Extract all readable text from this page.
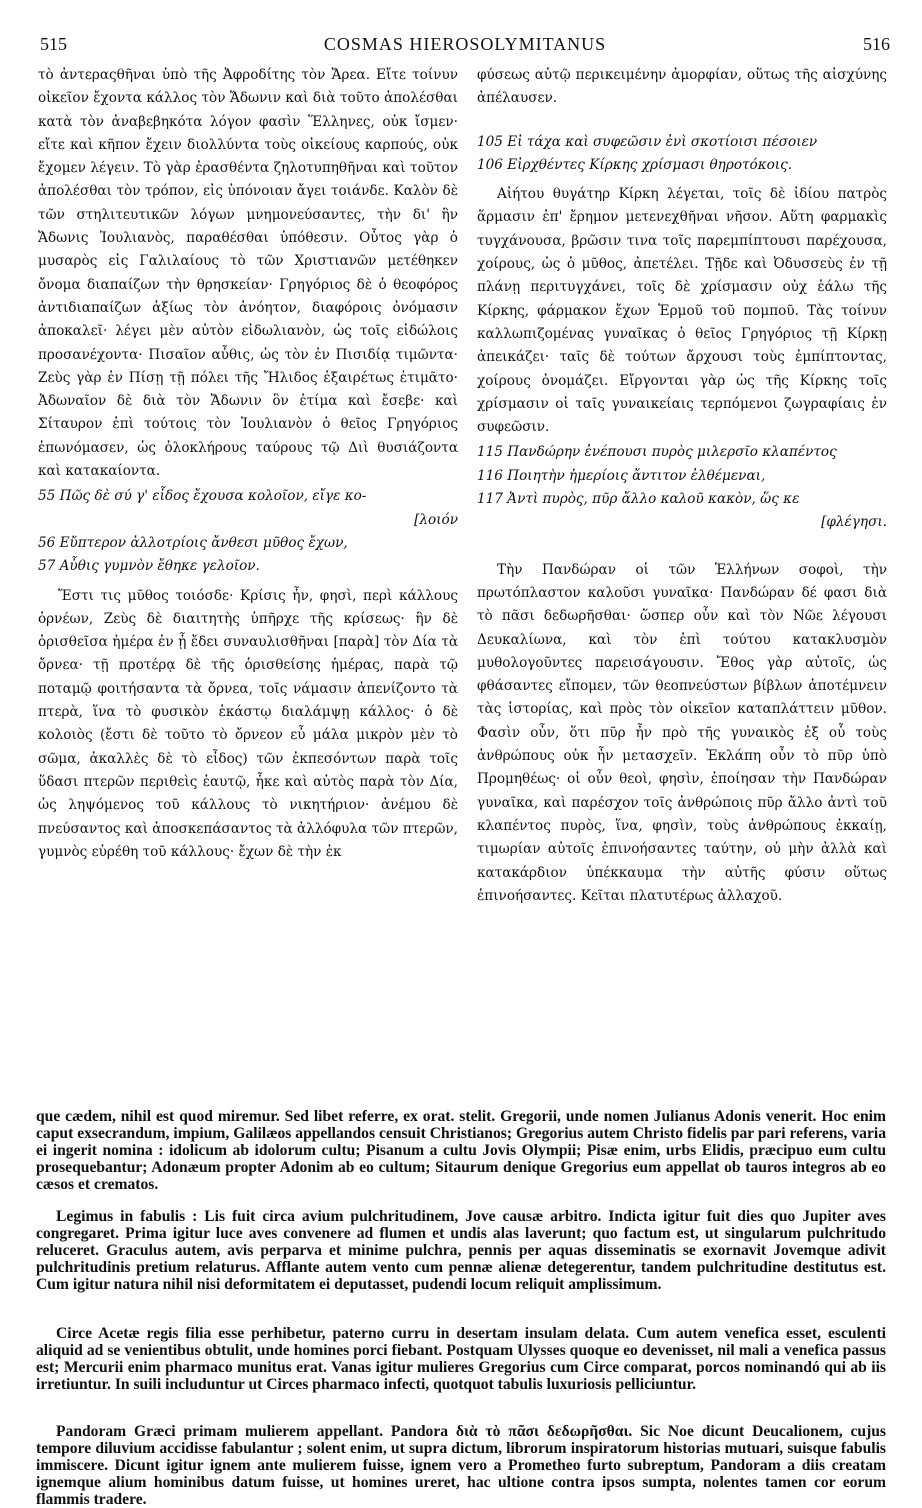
515	COSMAS HIEROSOLYMITANUS	516

τὸ ἀντεραςθῆναι ὑπὸ τῆς Ἀφροδίτης τὸν Ἄρεα. Εἴτε τοίνυν οἰκεῖον ἔχοντα κάλλος τὸν Ἄδωνιν καὶ διὰ τοῦτο ἀπολέσθαι κατὰ τὸν ἀναβεβηκότα λόγον φασὶν Ἕλληνες, οὐκ ἴσμεν· εἴτε καὶ κῆπον ἔχειν διολλύντα τοὺς οἰκείους καρπούς, οὐκ ἔχομεν λέγειν. Τὸ γὰρ ἐρασθέντα ζηλοτυπηθῆναι καὶ τοῦτον ἀπολέσθαι τὸν τρόπον, εἰς ὑπόνοιαν ἄγει τοιάνδε. Καλὸν δὲ τῶν στηλιτευτικῶν λόγων μνημονεύσαντες, τὴν δι' ἣν Ἄδωνις Ἰουλιανὸς, παραθέσθαι ὑπόθεσιν. Οὗτος γὰρ ὁ μυσαρὸς εἰς Γαλιλαίους τὸ τῶν Χριστιανῶν μετέθηκεν ὄνομα διαπαίζων τὴν θρησκείαν· Γρηγόριος δὲ ὁ θεοφόρος ἀντιδιαπαίζων ἀξίως τὸν ἀνόητον, διαφόροις ὀνόμασιν ἀποκαλεῖ· λέγει μὲν αὐτὸν εἰδωλιανὸν, ὡς τοῖς εἰδώλοις προσανέχοντα· Πισαῖον αὖθις, ὡς τὸν ἐν Πισιδίᾳ τιμῶντα· Ζεὺς γὰρ ἐν Πίσῃ τῇ πόλει τῆς Ἤλιδος ἐξαιρέτως ἐτιμᾶτο· Ἀδωναῖον δὲ διὰ τὸν Ἄδωνιν ὃν ἐτίμα καὶ ἔσεβε· καὶ Σίταυρον ἐπὶ τούτοις τὸν Ἰουλιανὸν ὁ θεῖος Γρηγόριος ἐπωνόμασεν, ὡς ὁλοκλήρους ταύρους τῷ Διὶ θυσιάζοντα καὶ κατακαίοντα.

55 Πῶς δὲ σύ γ' εἶδος ἔχουσα κολοῖον, εἴγε κο-
[λοιόν
56 Εὔπτερον ἀλλοτρίοις ἄνθεσι μῦθος ἔχων,
57 Αὖθις γυμνὸν ἔθηκε γελοῖον.

Ἔστι τις μῦθος τοιόσδε· Κρίσις ἦν, φησὶ, περὶ κάλλους ὀρνέων, Ζεὺς δὲ διαιτητὴς ὑπῆρχε τῆς κρίσεως· ἣν δὲ ὁρισθεῖσα ἡμέρα ἐν ᾗ ἔδει συναυλισθῆναι [παρὰ] τὸν Δία τὰ ὄρνεα· τῇ προτέρᾳ δὲ τῆς ὁρισθείσης ἡμέρας, παρὰ τῷ ποταμῷ φοιτήσαντα τὰ ὄρνεα, τοῖς νάμασιν ἀπενίζοντο τὰ πτερὰ, ἵνα τὸ φυσικὸν ἑκάστῳ διαλάμψῃ κάλλος· ὁ δὲ κολοιὸς (ἔστι δὲ τοῦτο τὸ ὄρνεον εὖ μάλα μικρὸν μὲν τὸ σῶμα, ἀκαλλὲς δὲ τὸ εἶδος) τῶν ἐκπεσόντων παρὰ τοῖς ὕδασι πτερῶν περιθεὶς ἑαυτῷ, ἧκε καὶ αὐτὸς παρὰ τὸν Δία, ὡς ληψόμενος τοῦ κάλλους τὸ νικητήριον· ἀνέμου δὲ πνεύσαντος καὶ ἀποσκεπάσαντος τὰ ἀλλόφυλα τῶν πτερῶν, γυμνὸς εὑρέθη τοῦ κάλλους· ἔχων δὲ τὴν ἐκ

φύσεως αὐτῷ περικειμένην ἀμορφίαν, οὕτως τῆς αἰσχύνης ἀπέλαυσεν.

105 Εἰ τάχα καὶ συφεῶσιν ἐνὶ σκοτίοισι πέσοιεν
106 Εἰρχθέντες Κίρκης χρίσμασι θηροτόκοις.

Αἰήτου θυγάτηρ Κίρκη λέγεται, τοῖς δὲ ἰδίου πατρὸς ἅρμασιν ἐπ' ἔρημον μετενεχθῆναι νῆσον. Αὕτη φαρμακὶς τυγχάνουσα, βρῶσιν τινα τοῖς παρεμπίπτουσι παρέχουσα, χοίρους, ὡς ὁ μῦθος, ἀπετέλει. Τῇδε καὶ Ὀδυσσεὺς ἐν τῇ πλάνῃ περιτυγχάνει, τοῖς δὲ χρίσμασιν οὐχ ἑάλω τῆς Κίρκης, φάρμακον ἔχων Ἑρμοῦ τοῦ πομποῦ. Τὰς τοίνυν καλλωπιζομένας γυναῖκας ὁ θεῖος Γρηγόριος τῇ Κίρκῃ ἀπεικάζει· ταῖς δὲ τούτων ἄρχουσι τοὺς ἐμπίπτοντας, χοίρους ὀνομάζει. Εἴργονται γὰρ ὡς τῆς Κίρκης τοῖς χρίσμασιν οἱ ταῖς γυναικείαις τερπόμενοι ζωγραφίαις ἐν συφεῶσιν.

115 Πανδώρην ἐνέπουσι πυρὸς μιλερσῖο κλαπέντος
116 Ποιητὴν ἡμερίοις ἄντιτον ἐλθέμεναι,
117 Ἀντὶ πυρὸς, πῦρ ἄλλο καλοῦ κακὸν, ὥς κε
[φλέγησι.

Τὴν Πανδώραν οἱ τῶν Ἑλλήνων σοφοὶ, τὴν πρωτόπλαστον καλοῦσι γυναῖκα· Πανδώραν δέ φασι διὰ τὸ πᾶσι δεδωρῆσθαι· ὥσπερ οὖν καὶ τὸν Νῶε λέγουσι Δευκαλίωνα, καὶ τὸν ἐπὶ τούτου κατακλυσμὸν μυθολογοῦντες παρεισάγουσιν. Ἔθος γὰρ αὐτοῖς, ὡς φθάσαντες εἴπομεν, τῶν θεοπνεύστων βίβλων ἀποτέμνειν τὰς ἱστορίας, καὶ πρὸς τὸν οἰκεῖον καταπλάττειν μῦθον. Φασὶν οὖν, ὅτι πῦρ ἦν πρὸ τῆς γυναικὸς ἐξ οὗ τοὺς ἀνθρώπους οὐκ ἦν μετασχεῖν. Ἐκλάπη οὖν τὸ πῦρ ὑπὸ Προμηθέως· οἱ οὖν θεοὶ, φησὶν, ἐποίησαν τὴν Πανδώραν γυναῖκα, καὶ παρέσχον τοῖς ἀνθρώποις πῦρ ἄλλο ἀντὶ τοῦ κλαπέντος πυρὸς, ἵνα, φησὶν, τοὺς ἀνθρώπους ἐκκαίῃ, τιμωρίαν αὐτοῖς ἐπινοήσαντες ταύτην, οὐ μὴν ἀλλὰ καὶ κατακάρδιον ὑπέκκαυμα τὴν αὐτῆς φύσιν οὕτως ἐπινοήσαντες. Κεῖται πλατυτέρως ἀλλαχοῦ.

que cædem, nihil est quod miremur. Sed libet referre, ex orat. stelit. Gregorii, unde nomen Julianus Adonis venerit. Hoc enim caput exsecrandum, impium, Galilæos appellandos censuit Christianos; Gregorius autem Christo fidelis par pari referens, varia ei ingerit nomina : idolicum ab idolorum cultu; Pisanum a cultu Jovis Olympii; Pisæ enim, urbs Elidis, præcipuo eum cultu prosequebantur; Adonæum propter Adonim ab eo cultum; Sitaurum denique Gregorius eum appellat ob tauros integros ab eo cæsos et crematos.

Legimus in fabulis : Lis fuit circa avium pulchritudinem, Jove causæ arbitro. Indicta igitur fuit dies quo Jupiter aves congregaret. Prima igitur luce aves convenere ad flumen et undis alas laverunt; quo factum est, ut singularum pulchritudo reluceret. Graculus autem, avis perparva et minime pulchra, pennis per aquas disseminatis se exornavit Jovemque adivit pulchritudinis pretium relaturus. Afflante autem vento cum pennæ alienæ detegerentur, tandem pulchritudine destitutus est. Cum igitur natura nihil nisi deformitatem ei deputasset, pudendi locum reliquit amplissimum.

Circe Acetæ regis filia esse perhibetur, paterno curru in desertam insulam delata. Cum autem venefica esset, esculenti aliquid ad se venientibus obtulit, unde homines porci fiebant. Postquam Ulysses quoque eo devenisset, nil mali a venefica passus est; Mercurii enim pharmaco munitus erat. Vanas igitur mulieres Gregorius cum Circe comparat, porcos nominandó qui ab iis irretiuntur. In suili includuntur ut Circes pharmaco infecti, quotquot tabulis luxuriosis pelliciuntur.

Pandoram Græci primam mulierem appellant. Pandora διὰ τὸ πᾶσι δεδωρῆσθαι. Sic Noe dicunt Deucalionem, cujus tempore diluvium accidisse fabulantur ; solent enim, ut supra dictum, librorum inspiratorum historias mutuari, suisque fabulis immiscere. Dicunt igitur ignem ante mulierem fuisse, ignem vero a Prometheo furto subreptum, Pandoram a diis creatam ignemque alium hominibus datum fuisse, ut homines ureret, hac ultione contra ipsos sumpta, nolentes tamen cor eorum flammis tradere.
